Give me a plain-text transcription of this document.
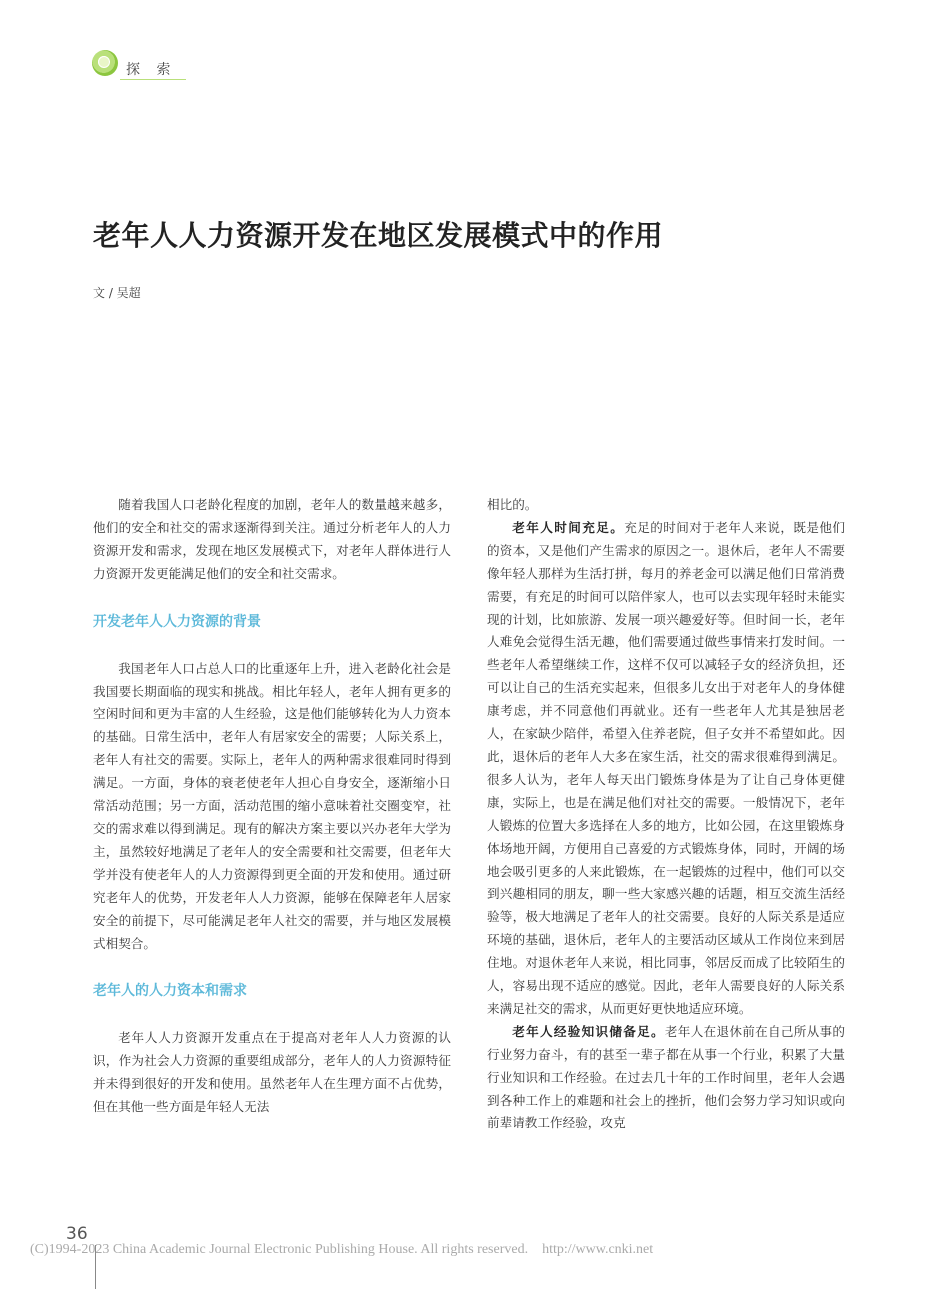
探 索
老年人人力资源开发在地区发展模式中的作用
文 / 吴超

随着我国人口老龄化程度的加剧，老年人的数量越来越多，他们的安全和社交的需求逐渐得到关注。通过分析老年人的人力资源开发和需求，发现在地区发展模式下，对老年人群体进行人力资源开发更能满足他们的安全和社交需求。

开发老年人人力资源的背景

我国老年人口占总人口的比重逐年上升，进入老龄化社会是我国要长期面临的现实和挑战。相比年轻人，老年人拥有更多的空闲时间和更为丰富的人生经验，这是他们能够转化为人力资本的基础。日常生活中，老年人有居家安全的需要；人际关系上，老年人有社交的需要。实际上，老年人的两种需求很难同时得到满足。一方面，身体的衰老使老年人担心自身安全，逐渐缩小日常活动范围；另一方面，活动范围的缩小意味着社交圈变窄，社交的需求难以得到满足。现有的解决方案主要以兴办老年大学为主，虽然较好地满足了老年人的安全需要和社交需要，但老年大学并没有使老年人的人力资源得到更全面的开发和使用。通过研究老年人的优势，开发老年人人力资源，能够在保障老年人居家安全的前提下，尽可能满足老年人社交的需要，并与地区发展模式相契合。

老年人的人力资本和需求

老年人人力资源开发重点在于提高对老年人人力资源的认识，作为社会人力资源的重要组成部分，老年人的人力资源特征并未得到很好的开发和使用。虽然老年人在生理方面不占优势，但在其他一些方面是年轻人无法

相比的。

老年人时间充足。充足的时间对于老年人来说，既是他们的资本，又是他们产生需求的原因之一。退休后，老年人不需要像年轻人那样为生活打拼，每月的养老金可以满足他们日常消费需要，有充足的时间可以陪伴家人，也可以去实现年轻时未能实现的计划，比如旅游、发展一项兴趣爱好等。但时间一长，老年人难免会觉得生活无趣，他们需要通过做些事情来打发时间。一些老年人希望继续工作，这样不仅可以减轻子女的经济负担，还可以让自己的生活充实起来，但很多儿女出于对老年人的身体健康考虑，并不同意他们再就业。还有一些老年人尤其是独居老人，在家缺少陪伴，希望入住养老院，但子女并不希望如此。因此，退休后的老年人大多在家生活，社交的需求很难得到满足。很多人认为，老年人每天出门锻炼身体是为了让自己身体更健康，实际上，也是在满足他们对社交的需要。一般情况下，老年人锻炼的位置大多选择在人多的地方，比如公园，在这里锻炼身体场地开阔，方便用自己喜爱的方式锻炼身体，同时，开阔的场地会吸引更多的人来此锻炼，在一起锻炼的过程中，他们可以交到兴趣相同的朋友，聊一些大家感兴趣的话题，相互交流生活经验等，极大地满足了老年人的社交需要。良好的人际关系是适应环境的基础，退休后，老年人的主要活动区域从工作岗位来到居住地。对退休老年人来说，相比同事，邻居反而成了比较陌生的人，容易出现不适应的感觉。因此，老年人需要良好的人际关系来满足社交的需求，从而更好更快地适应环境。

老年人经验知识储备足。老年人在退休前在自己所从事的行业努力奋斗，有的甚至一辈子都在从事一个行业，积累了大量行业知识和工作经验。在过去几十年的工作时间里，老年人会遇到各种工作上的难题和社会上的挫折，他们会努力学习知识或向前辈请教工作经验，攻克

36
(C)1994-2023 China Academic Journal Electronic Publishing House. All rights reserved. http://www.cnki.net
